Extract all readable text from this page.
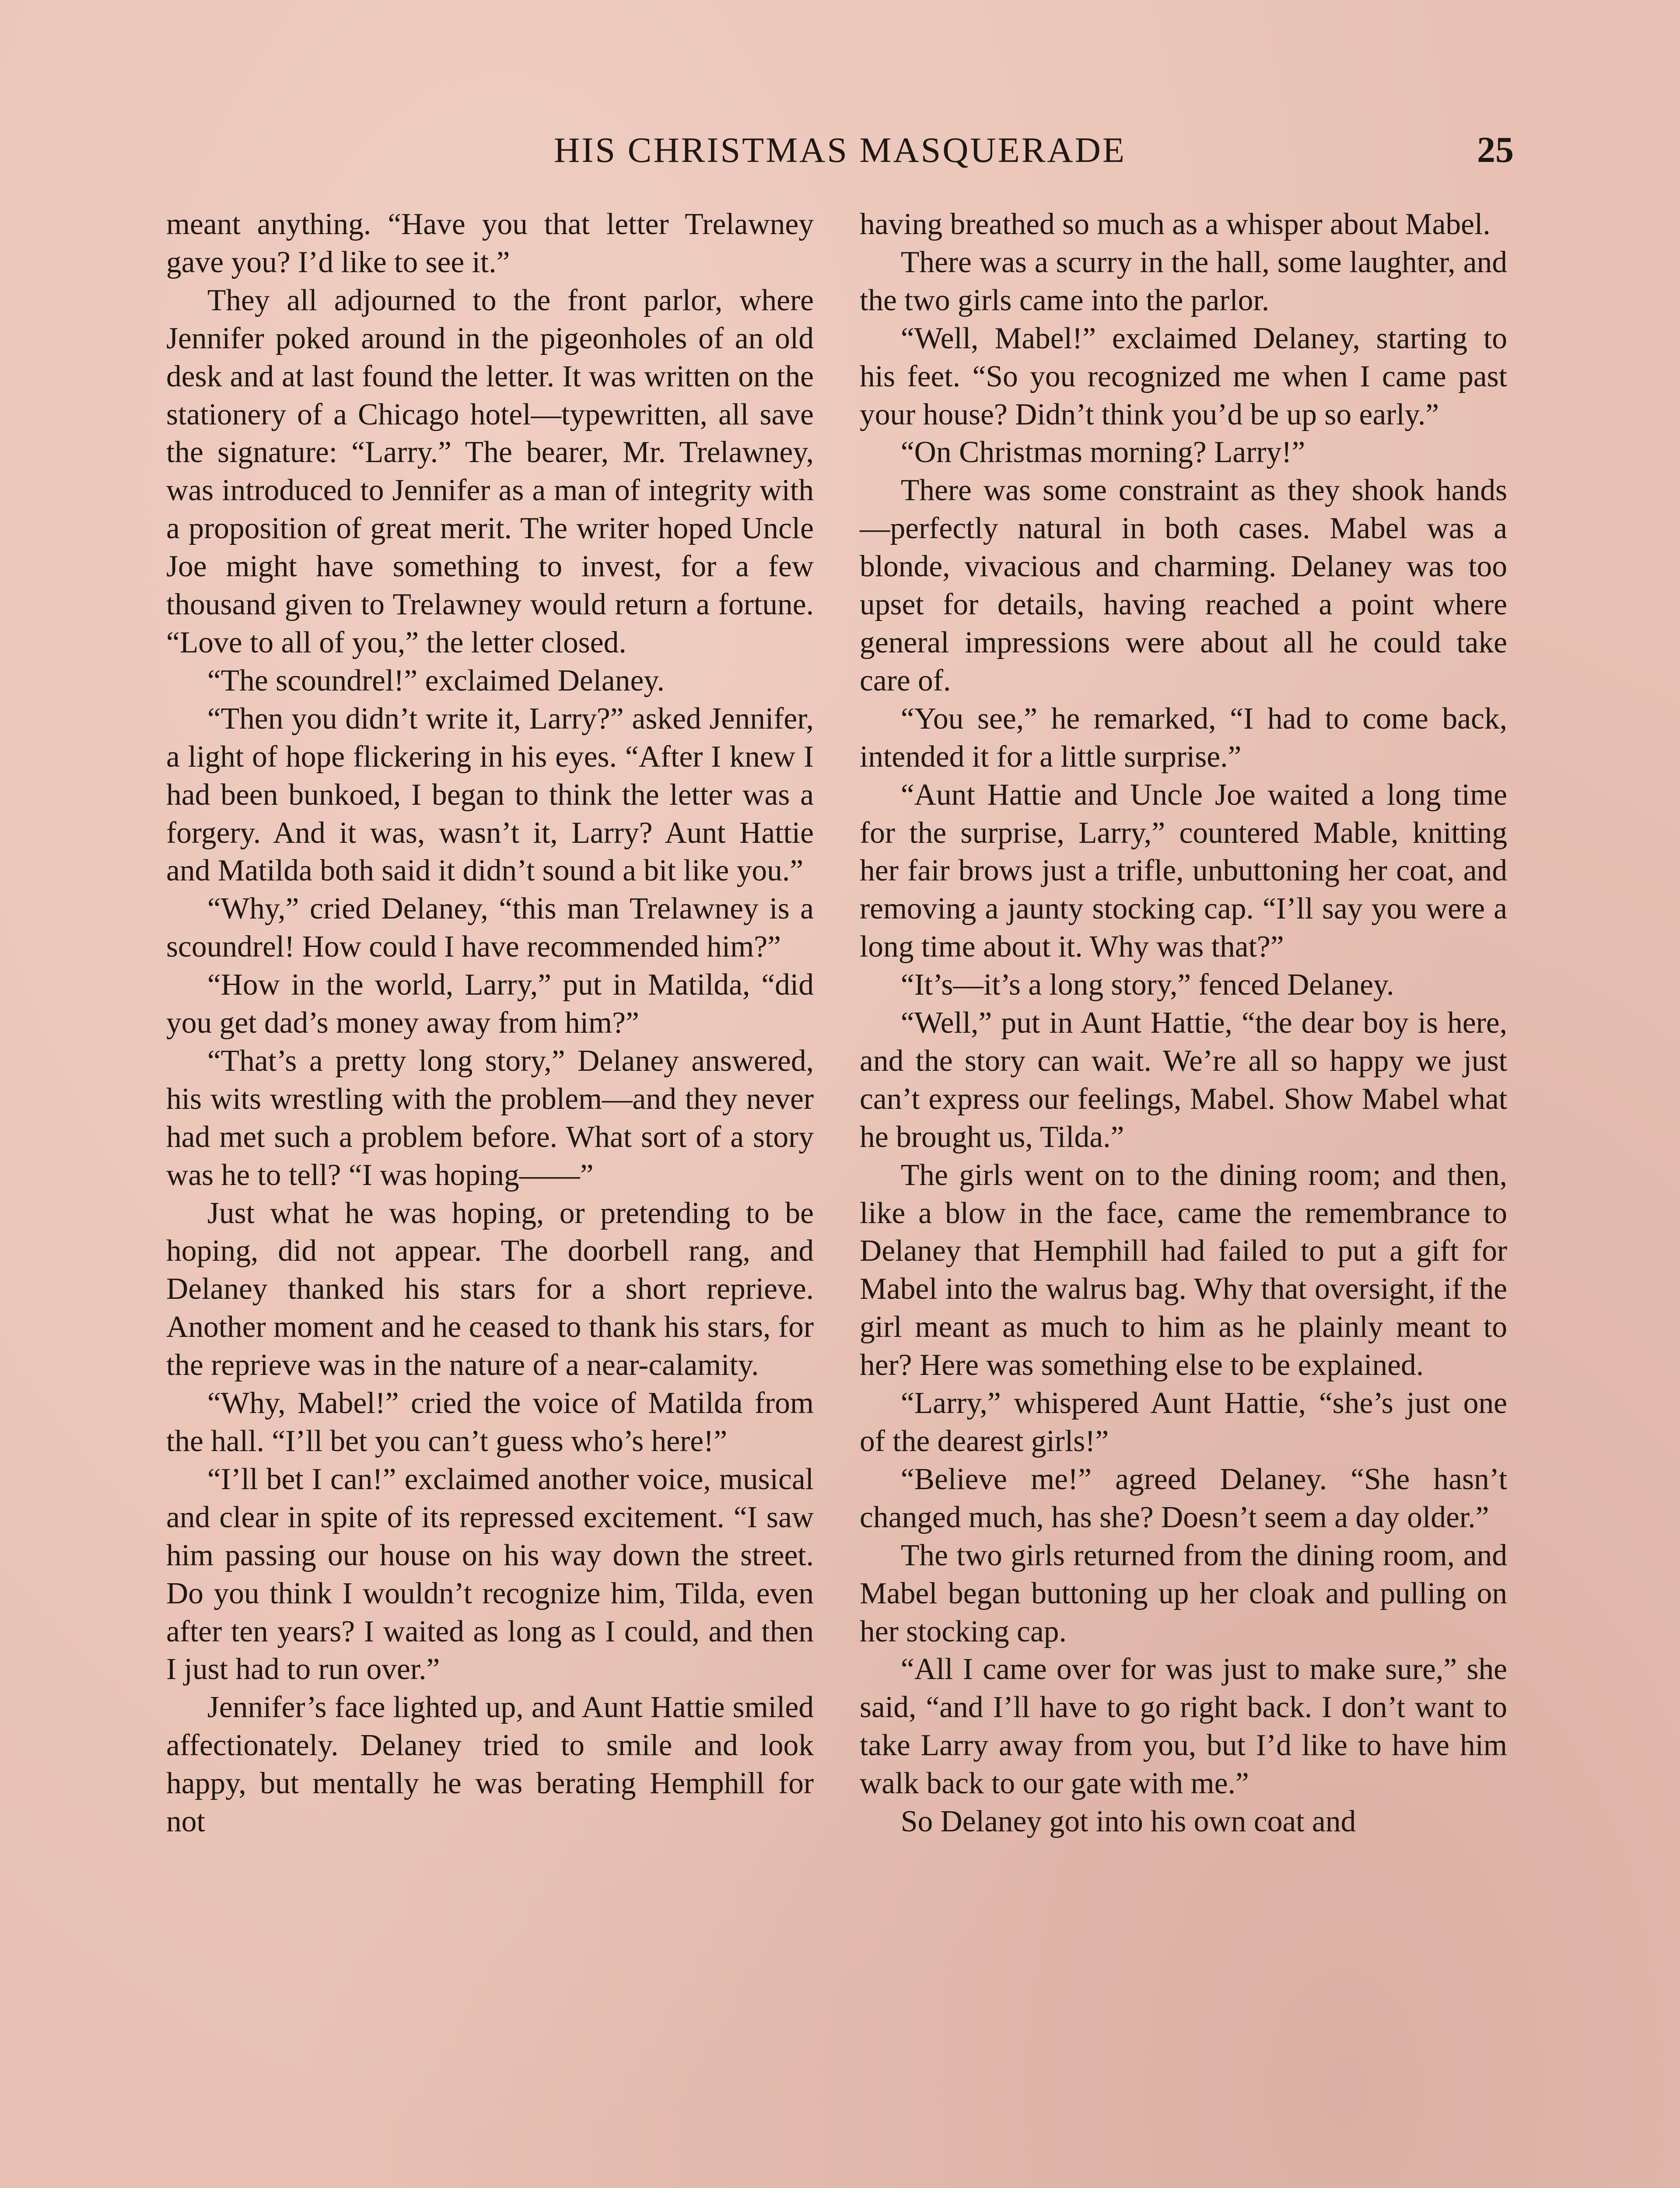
HIS CHRISTMAS MASQUERADE	25

meant anything. “Have you that letter Trelawney gave you? I’d like to see it.”

They all adjourned to the front parlor, where Jennifer poked around in the pigeonholes of an old desk and at last found the letter. It was written on the stationery of a Chicago hotel—typewritten, all save the signature: “Larry.” The bearer, Mr. Trelawney, was introduced to Jennifer as a man of integrity with a proposition of great merit. The writer hoped Uncle Joe might have something to invest, for a few thousand given to Trelawney would return a fortune. “Love to all of you,” the letter closed.

“The scoundrel!” exclaimed Delaney.

“Then you didn’t write it, Larry?” asked Jennifer, a light of hope flickering in his eyes. “After I knew I had been bunkoed, I began to think the letter was a forgery. And it was, wasn’t it, Larry? Aunt Hattie and Matilda both said it didn’t sound a bit like you.”

“Why,” cried Delaney, “this man Trelawney is a scoundrel! How could I have recommended him?”

“How in the world, Larry,” put in Matilda, “did you get dad’s money away from him?”

“That’s a pretty long story,” Delaney answered, his wits wrestling with the problem—and they never had met such a problem before. What sort of a story was he to tell? “I was hoping——”

Just what he was hoping, or pretending to be hoping, did not appear. The doorbell rang, and Delaney thanked his stars for a short reprieve. Another moment and he ceased to thank his stars, for the reprieve was in the nature of a near-calamity.

“Why, Mabel!” cried the voice of Matilda from the hall. “I’ll bet you can’t guess who’s here!”

“I’ll bet I can!” exclaimed another voice, musical and clear in spite of its repressed excitement. “I saw him passing our house on his way down the street. Do you think I wouldn’t recognize him, Tilda, even after ten years? I waited as long as I could, and then I just had to run over.”

Jennifer’s face lighted up, and Aunt Hattie smiled affectionately. Delaney tried to smile and look happy, but mentally he was berating Hemphill for not

having breathed so much as a whisper about Mabel.

There was a scurry in the hall, some laughter, and the two girls came into the parlor.

“Well, Mabel!” exclaimed Delaney, starting to his feet. “So you recognized me when I came past your house? Didn’t think you’d be up so early.”

“On Christmas morning? Larry!”

There was some constraint as they shook hands—perfectly natural in both cases. Mabel was a blonde, vivacious and charming. Delaney was too upset for details, having reached a point where general impressions were about all he could take care of.

“You see,” he remarked, “I had to come back, intended it for a little surprise.”

“Aunt Hattie and Uncle Joe waited a long time for the surprise, Larry,” countered Mable, knitting her fair brows just a trifle, unbuttoning her coat, and removing a jaunty stocking cap. “I’ll say you were a long time about it. Why was that?”

“It’s—it’s a long story,” fenced Delaney.

“Well,” put in Aunt Hattie, “the dear boy is here, and the story can wait. We’re all so happy we just can’t express our feelings, Mabel. Show Mabel what he brought us, Tilda.”

The girls went on to the dining room; and then, like a blow in the face, came the remembrance to Delaney that Hemphill had failed to put a gift for Mabel into the walrus bag. Why that oversight, if the girl meant as much to him as he plainly meant to her? Here was something else to be explained.

“Larry,” whispered Aunt Hattie, “she’s just one of the dearest girls!”

“Believe me!” agreed Delaney. “She hasn’t changed much, has she? Doesn’t seem a day older.”

The two girls returned from the dining room, and Mabel began buttoning up her cloak and pulling on her stocking cap.

“All I came over for was just to make sure,” she said, “and I’ll have to go right back. I don’t want to take Larry away from you, but I’d like to have him walk back to our gate with me.”

So Delaney got into his own coat and
